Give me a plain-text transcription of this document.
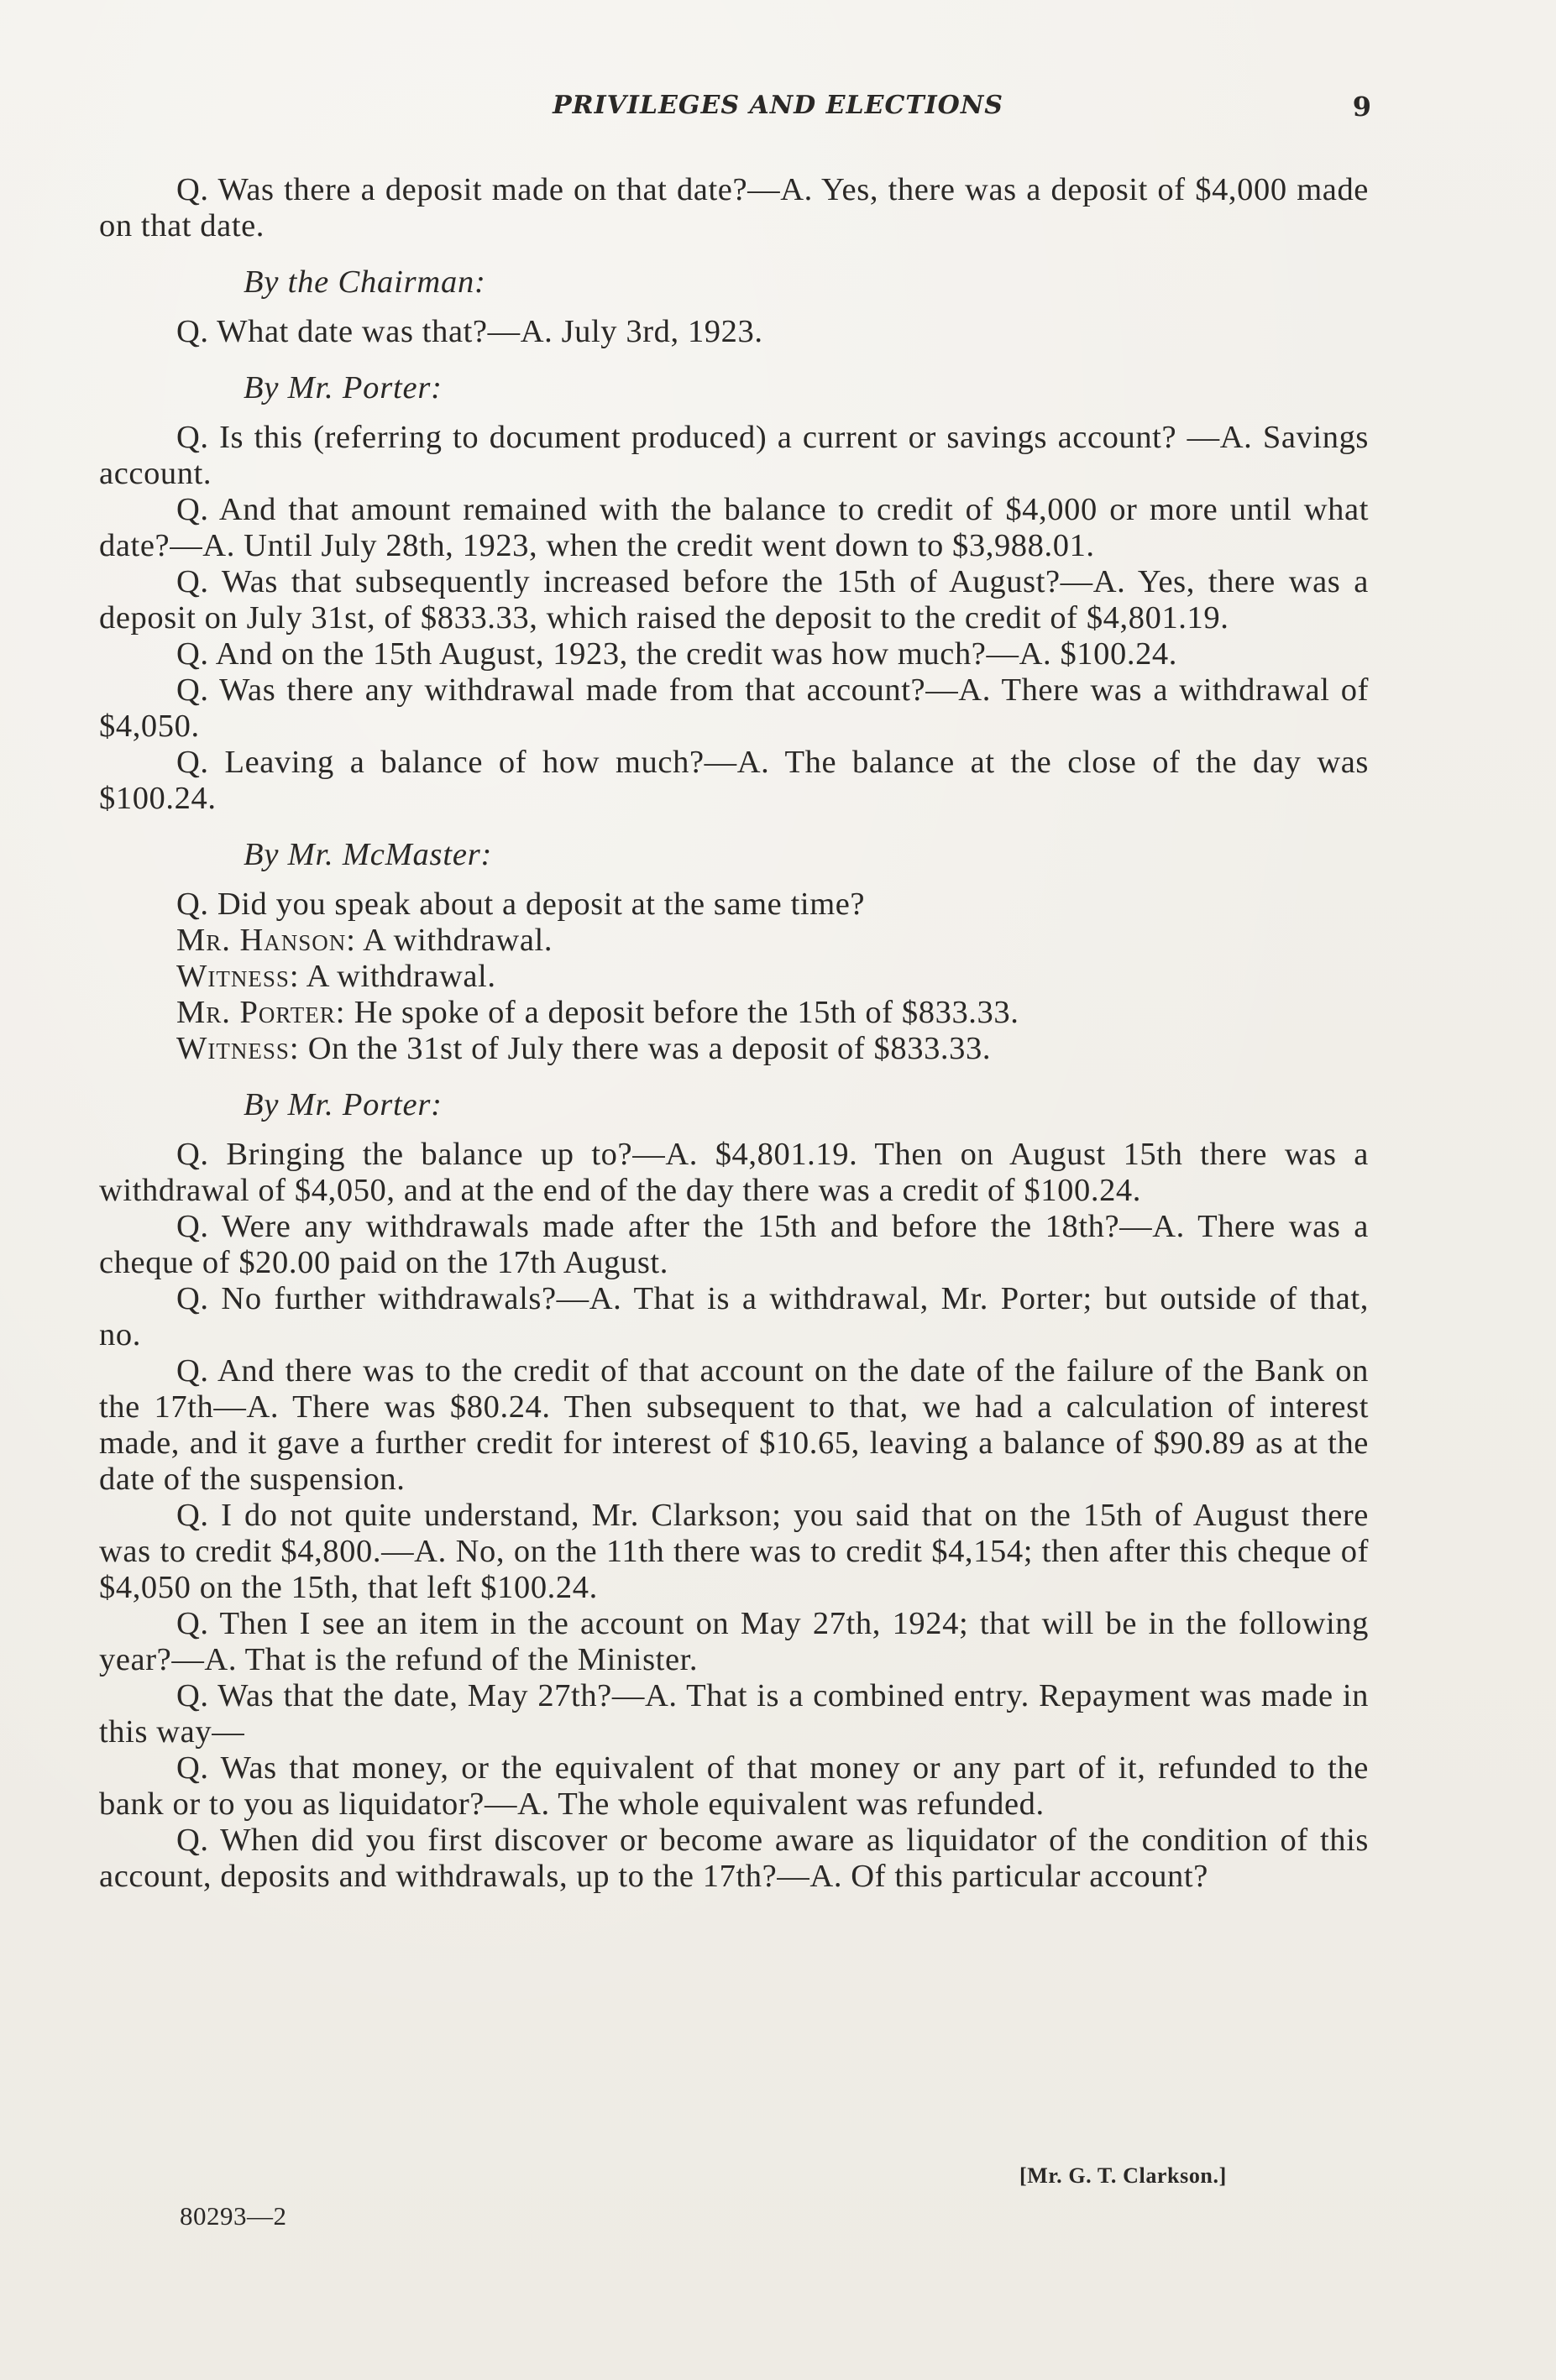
PRIVILEGES AND ELECTIONS	9

Q. Was there a deposit made on that date?—A. Yes, there was a deposit of $4,000 made on that date.

By the Chairman:

Q. What date was that?—A. July 3rd, 1923.

By Mr. Porter:

Q. Is this (referring to document produced) a current or savings account? —A. Savings account.

Q. And that amount remained with the balance to credit of $4,000 or more until what date?—A. Until July 28th, 1923, when the credit went down to $3,988.01.

Q. Was that subsequently increased before the 15th of August?—A. Yes, there was a deposit on July 31st, of $833.33, which raised the deposit to the credit of $4,801.19.

Q. And on the 15th August, 1923, the credit was how much?—A. $100.24.

Q. Was there any withdrawal made from that account?—A. There was a withdrawal of $4,050.

Q. Leaving a balance of how much?—A. The balance at the close of the day was $100.24.

By Mr. McMaster:

Q. Did you speak about a deposit at the same time?

Mr. Hanson: A withdrawal.

Witness: A withdrawal.

Mr. Porter: He spoke of a deposit before the 15th of $833.33.

Witness: On the 31st of July there was a deposit of $833.33.

By Mr. Porter:

Q. Bringing the balance up to?—A. $4,801.19. Then on August 15th there was a withdrawal of $4,050, and at the end of the day there was a credit of $100.24.

Q. Were any withdrawals made after the 15th and before the 18th?—A. There was a cheque of $20.00 paid on the 17th August.

Q. No further withdrawals?—A. That is a withdrawal, Mr. Porter; but outside of that, no.

Q. And there was to the credit of that account on the date of the failure of the Bank on the 17th—A. There was $80.24. Then subsequent to that, we had a calculation of interest made, and it gave a further credit for interest of $10.65, leaving a balance of $90.89 as at the date of the suspension.

Q. I do not quite understand, Mr. Clarkson; you said that on the 15th of August there was to credit $4,800.—A. No, on the 11th there was to credit $4,154; then after this cheque of $4,050 on the 15th, that left $100.24.

Q. Then I see an item in the account on May 27th, 1924; that will be in the following year?—A. That is the refund of the Minister.

Q. Was that the date, May 27th?—A. That is a combined entry. Repayment was made in this way—

Q. Was that money, or the equivalent of that money or any part of it, refunded to the bank or to you as liquidator?—A. The whole equivalent was refunded.

Q. When did you first discover or become aware as liquidator of the condition of this account, deposits and withdrawals, up to the 17th?—A. Of this particular account?

[Mr. G. T. Clarkson.]
80293—2
